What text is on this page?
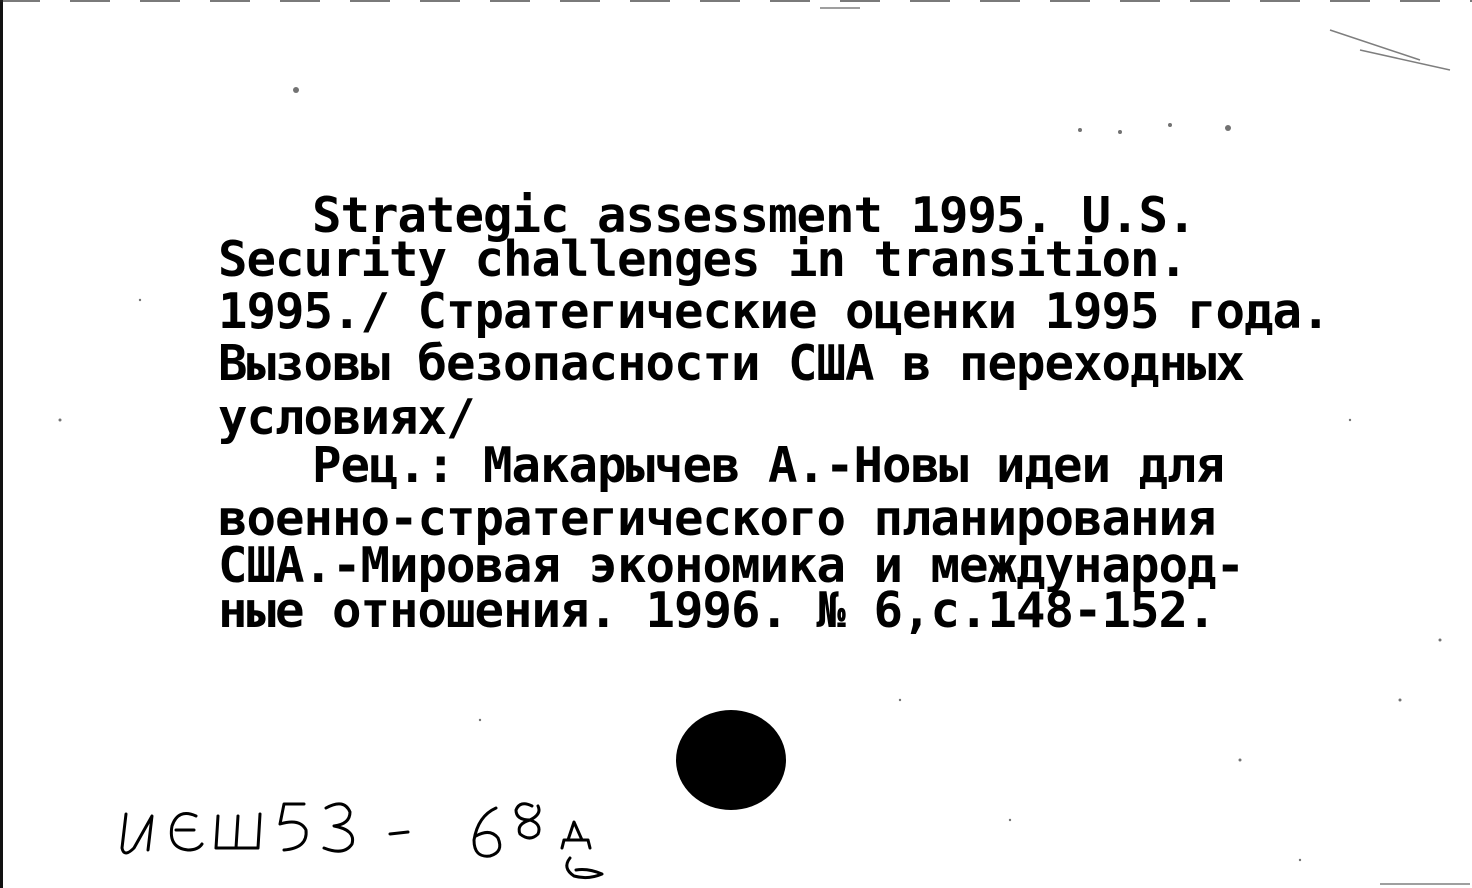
Strategic assessment 1995. U.S.
Security challenges in transition.
1995./ Стратегические оценки 1995 года.
Вызовы безопасности США в переходных
условиях/
Рец.: Макарычев А.-Новы идеи для
военно-стратегического планирования
США.-Мировая экономика и международ-
ные отношения. 1996. № 6,с.148-152.
